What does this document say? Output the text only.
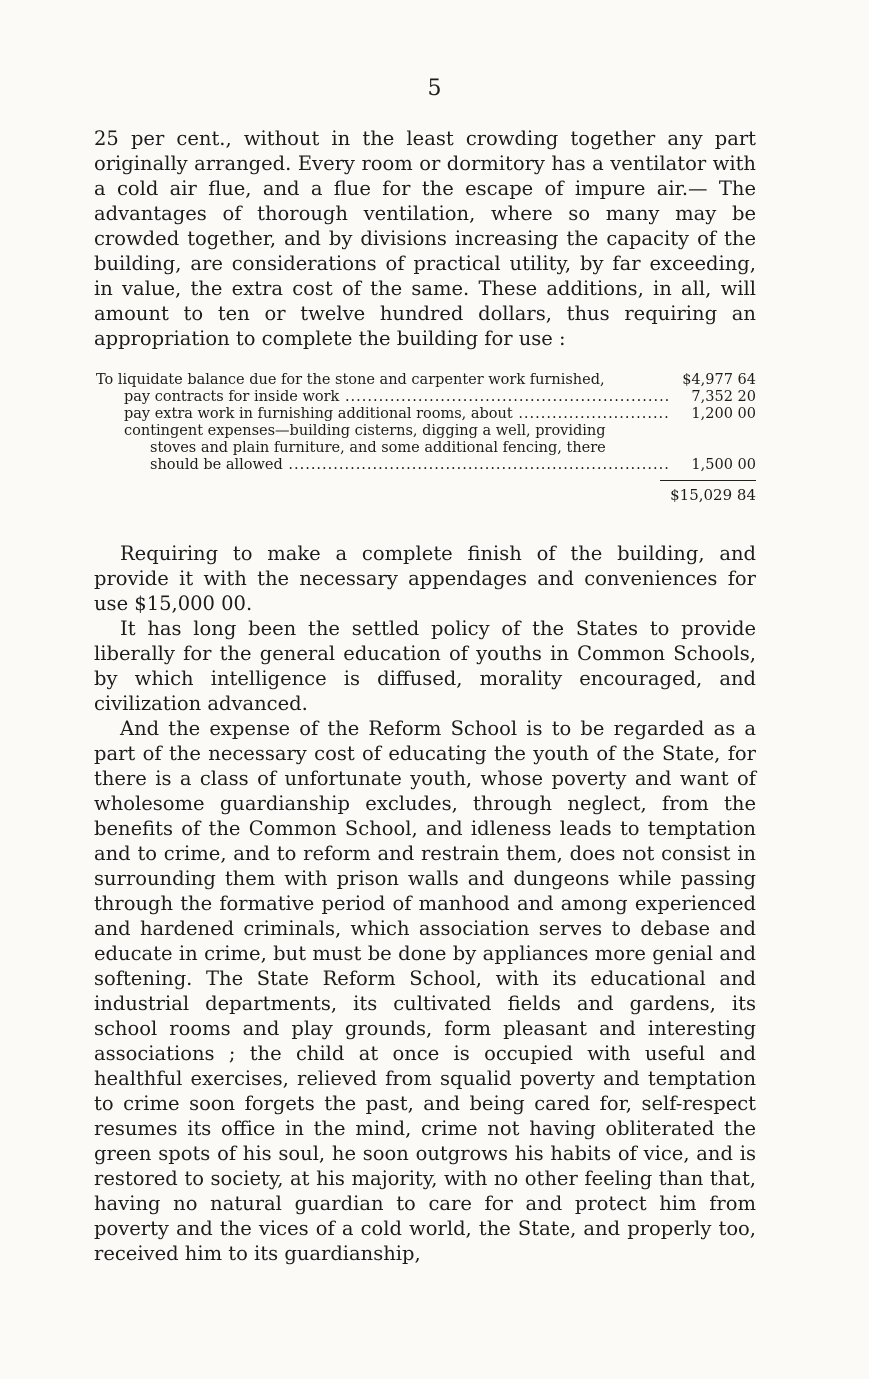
5

25 per cent., without in the least crowding together any part originally arranged. Every room or dormitory has a ventilator with a cold air flue, and a flue for the escape of impure air.— The advantages of thorough ventilation, where so many may be crowded together, and by divisions increasing the capacity of the building, are considerations of practical utility, by far exceeding, in value, the extra cost of the same. These additions, in all, will amount to ten or twelve hundred dollars, thus requiring an appropriation to complete the building for use :

To liquidate balance due for the stone and carpenter work furnished,	$4,977 64
pay contracts for inside work .....	7,352 20
pay extra work in furnishing additional rooms, about .....	1,200 00
contingent expenses—building cisterns, digging a well, providing
stoves and plain furniture, and some additional fencing, there
should be allowed .....	1,500 00
$15,029 84

Requiring to make a complete finish of the building, and provide it with the necessary appendages and conveniences for use $15,000 00.

It has long been the settled policy of the States to provide liberally for the general education of youths in Common Schools, by which intelligence is diffused, morality encouraged, and civilization advanced.

And the expense of the Reform School is to be regarded as a part of the necessary cost of educating the youth of the State, for there is a class of unfortunate youth, whose poverty and want of wholesome guardianship excludes, through neglect, from the benefits of the Common School, and idleness leads to temptation and to crime, and to reform and restrain them, does not consist in surrounding them with prison walls and dungeons while passing through the formative period of manhood and among experienced and hardened criminals, which association serves to debase and educate in crime, but must be done by appliances more genial and softening. The State Reform School, with its educational and industrial departments, its cultivated fields and gardens, its school rooms and play grounds, form pleasant and interesting associations ; the child at once is occupied with useful and healthful exercises, relieved from squalid poverty and temptation to crime soon forgets the past, and being cared for, self-respect resumes its office in the mind, crime not having obliterated the green spots of his soul, he soon outgrows his habits of vice, and is restored to society, at his majority, with no other feeling than that, having no natural guardian to care for and protect him from poverty and the vices of a cold world, the State, and properly too, received him to its guardianship,
